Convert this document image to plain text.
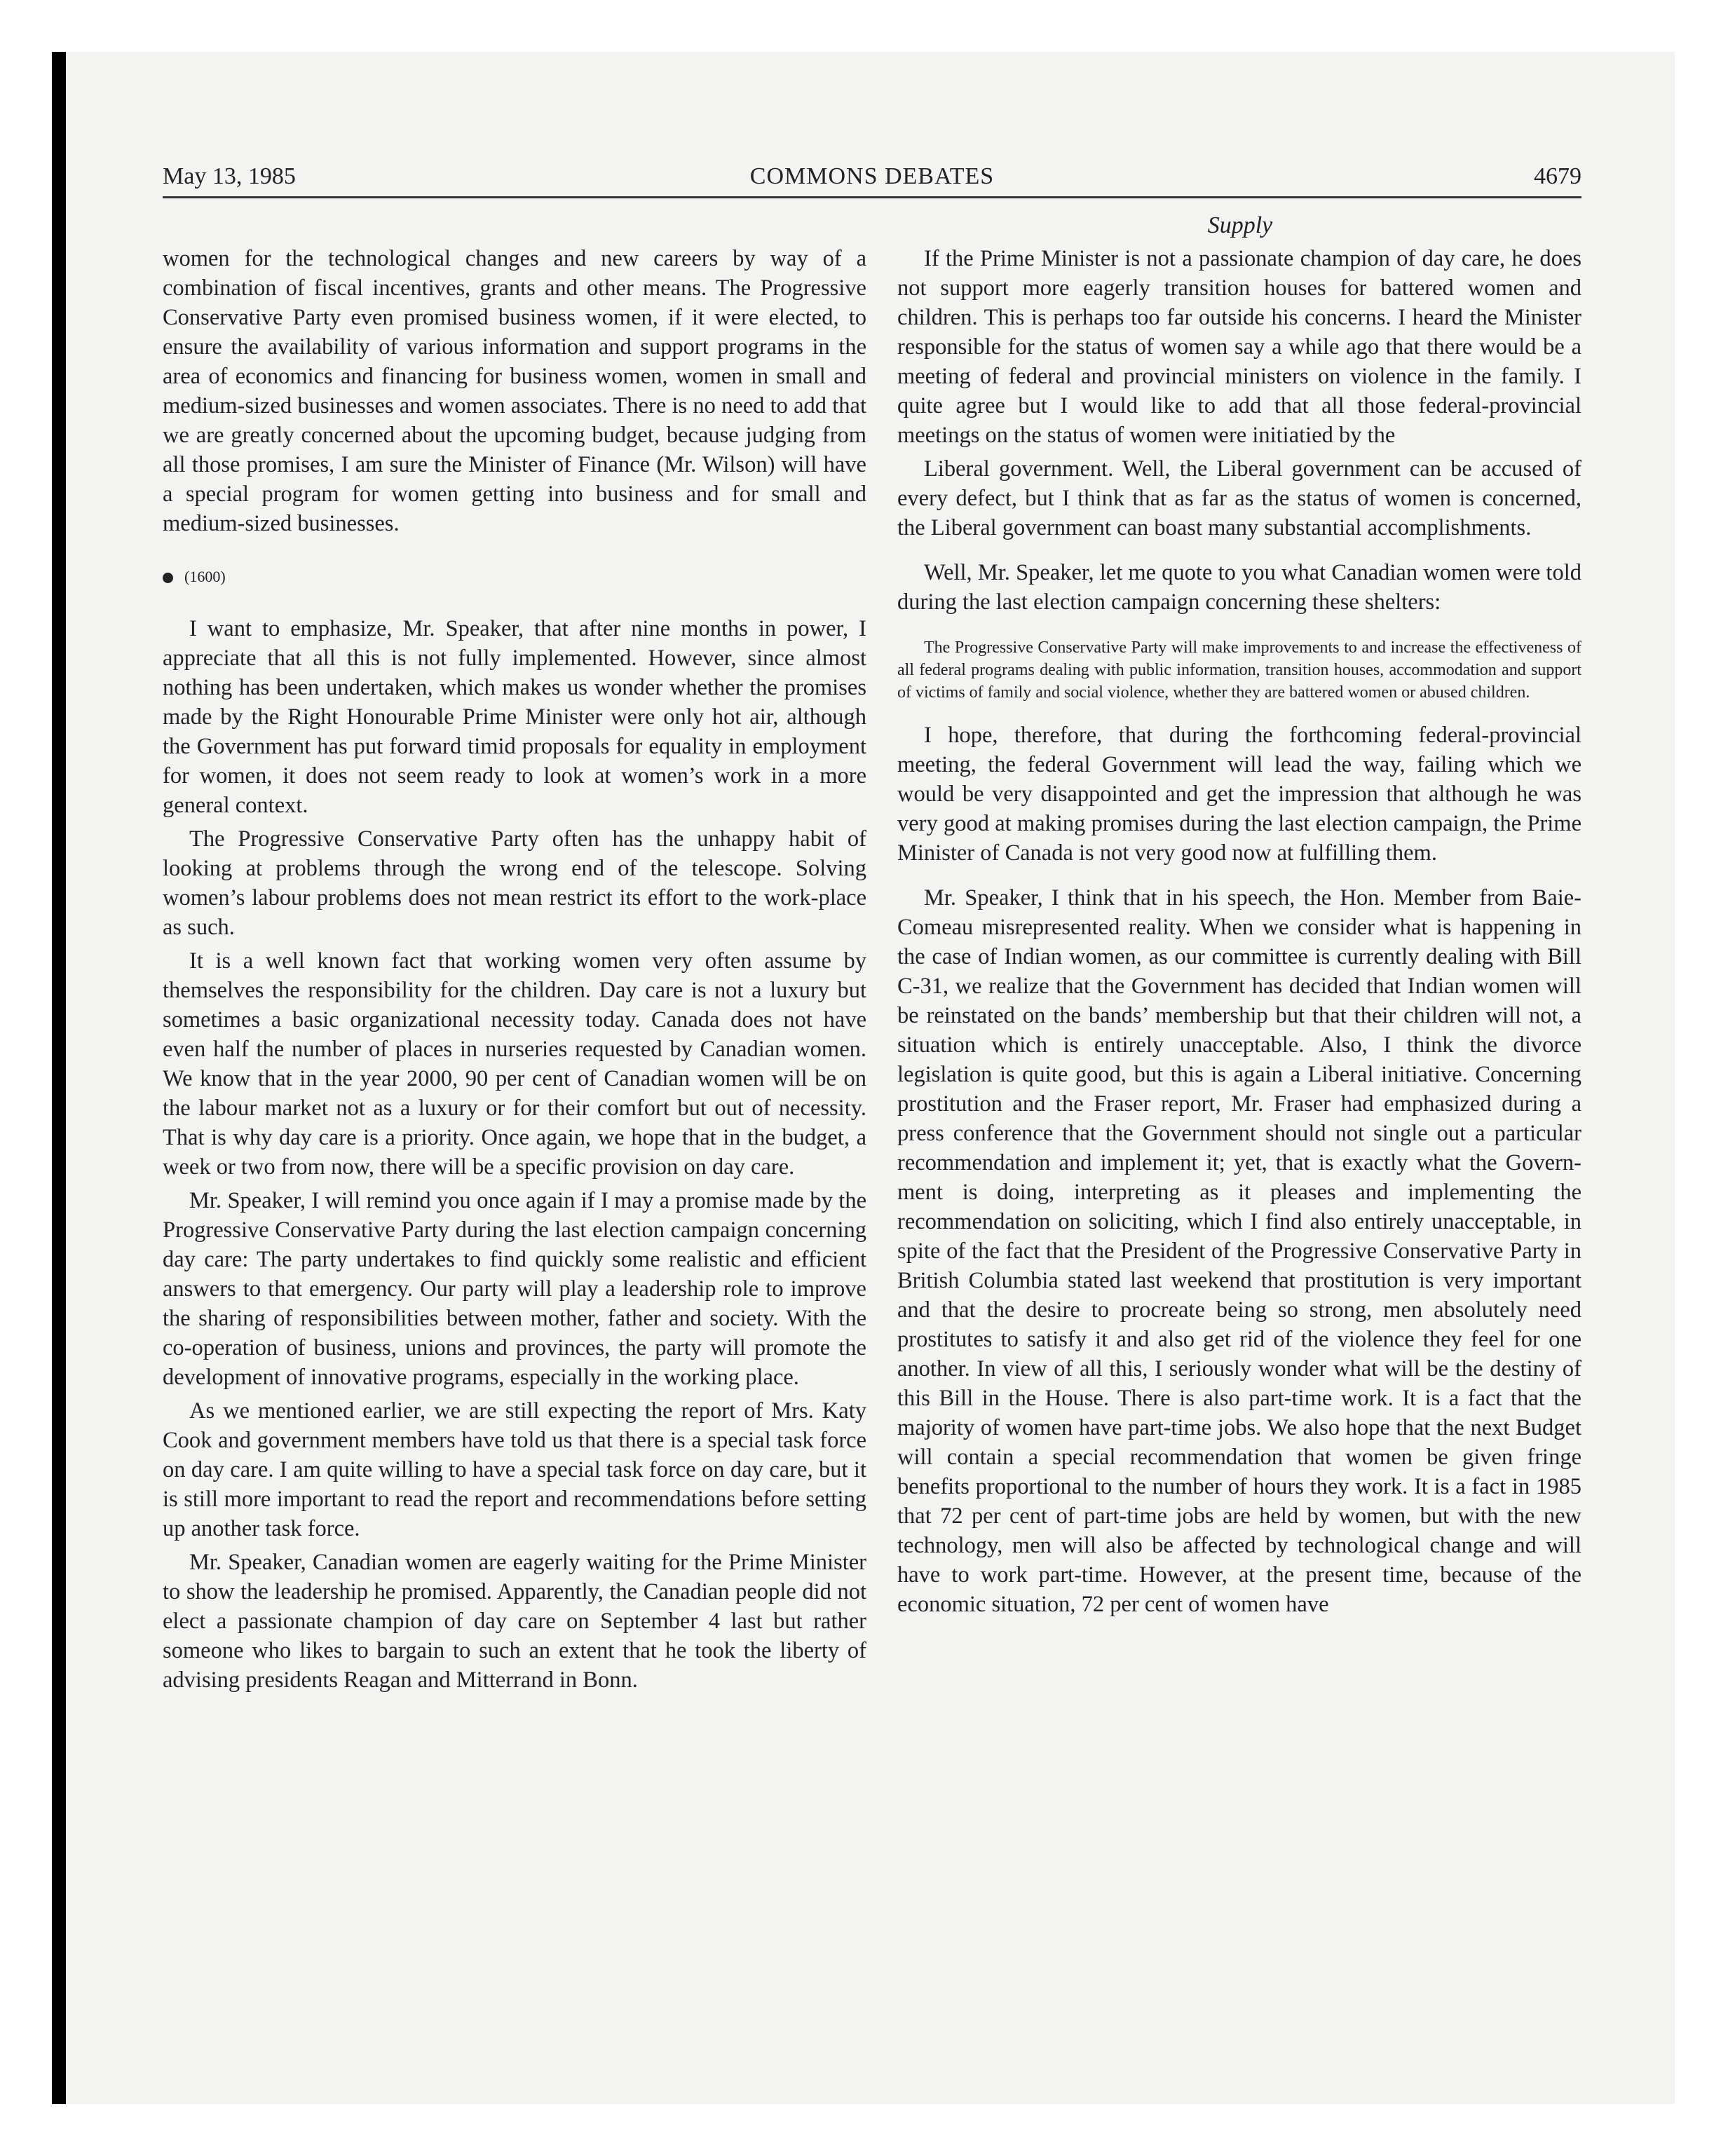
May 13, 1985	COMMONS DEBATES	4679
Supply

women for the technological changes and new careers by way of a combination of fiscal incentives, grants and other means. The Progressive Conservative Party even promised business women, if it were elected, to ensure the availability of various information and support programs in the area of economics and financing for business women, women in small and medium-sized businesses and women associates. There is no need to add that we are greatly concerned about the upcoming budget, because judging from all those promises, I am sure the Minister of Finance (Mr. Wilson) will have a special program for women getting into business and for small and medium-sized businesses.

(1600)

I want to emphasize, Mr. Speaker, that after nine months in power, I appreciate that all this is not fully implemented. However, since almost nothing has been undertaken, which makes us wonder whether the promises made by the Right Honourable Prime Minister were only hot air, although the Government has put forward timid proposals for equality in employment for women, it does not seem ready to look at women’s work in a more general context.

The Progressive Conservative Party often has the unhappy habit of looking at problems through the wrong end of the telescope. Solving women’s labour problems does not mean restrict its effort to the work-place as such.

It is a well known fact that working women very often assume by themselves the responsibility for the children. Day care is not a luxury but sometimes a basic organizational necessity today. Canada does not have even half the number of places in nurseries requested by Canadian women. We know that in the year 2000, 90 per cent of Canadian women will be on the labour market not as a luxury or for their comfort but out of necessity. That is why day care is a priority. Once again, we hope that in the budget, a week or two from now, there will be a specific provision on day care.

Mr. Speaker, I will remind you once again if I may a promise made by the Progressive Conservative Party during the last election campaign concerning day care: The party undertakes to find quickly some realistic and efficient answers to that emergency. Our party will play a leadership role to improve the sharing of responsibilities between mother, father and society. With the co-operation of business, unions and provinces, the party will promote the development of innovative programs, especially in the working place.

As we mentioned earlier, we are still expecting the report of Mrs. Katy Cook and government members have told us that there is a special task force on day care. I am quite willing to have a special task force on day care, but it is still more important to read the report and recommendations before setting up another task force.

Mr. Speaker, Canadian women are eagerly waiting for the Prime Minister to show the leadership he promised. Apparently, the Canadian people did not elect a passionate champion of day care on September 4 last but rather someone who likes to bargain to such an extent that he took the liberty of advising presidents Reagan and Mitterrand in Bonn.

If the Prime Minister is not a passionate champion of day care, he does not support more eagerly transition houses for battered women and children. This is perhaps too far outside his concerns. I heard the Minister responsible for the status of women say a while ago that there would be a meeting of federal and provincial ministers on violence in the family. I quite agree but I would like to add that all those federal-provincial meetings on the status of women were initiatied by the

Liberal government. Well, the Liberal government can be accused of every defect, but I think that as far as the status of women is concerned, the Liberal government can boast many substantial accomplishments.

Well, Mr. Speaker, let me quote to you what Canadian women were told during the last election campaign concerning these shelters:

The Progressive Conservative Party will make improvements to and increase the effectiveness of all federal programs dealing with public information, transition houses, accommodation and support of victims of family and social violence, whether they are battered women or abused children.

I hope, therefore, that during the forthcoming federal-provincial meeting, the federal Government will lead the way, failing which we would be very disappointed and get the impression that although he was very good at making promises during the last election campaign, the Prime Minister of Canada is not very good now at fulfilling them.

Mr. Speaker, I think that in his speech, the Hon. Member from Baie-Comeau misrepresented reality. When we consider what is happening in the case of Indian women, as our committee is currently dealing with Bill C-31, we realize that the Government has decided that Indian women will be reinstated on the bands’ membership but that their children will not, a situation which is entirely unacceptable. Also, I think the divorce legislation is quite good, but this is again a Liberal initiative. Concerning prostitution and the Fraser report, Mr. Fraser had emphasized during a press conference that the Government should not single out a particular recommendation and implement it; yet, that is exactly what the Government is doing, interpreting as it pleases and implementing the recommendation on soliciting, which I find also entirely unacceptable, in spite of the fact that the President of the Progressive Conservative Party in British Columbia stated last weekend that prostitution is very important and that the desire to procreate being so strong, men absolutely need prostitutes to satisfy it and also get rid of the violence they feel for one another. In view of all this, I seriously wonder what will be the destiny of this Bill in the House. There is also part-time work. It is a fact that the majority of women have part-time jobs. We also hope that the next Budget will contain a special recommendation that women be given fringe benefits proportional to the number of hours they work. It is a fact in 1985 that 72 per cent of part-time jobs are held by women, but with the new technology, men will also be affected by technological change and will have to work part-time. However, at the present time, because of the economic situation, 72 per cent of women have
